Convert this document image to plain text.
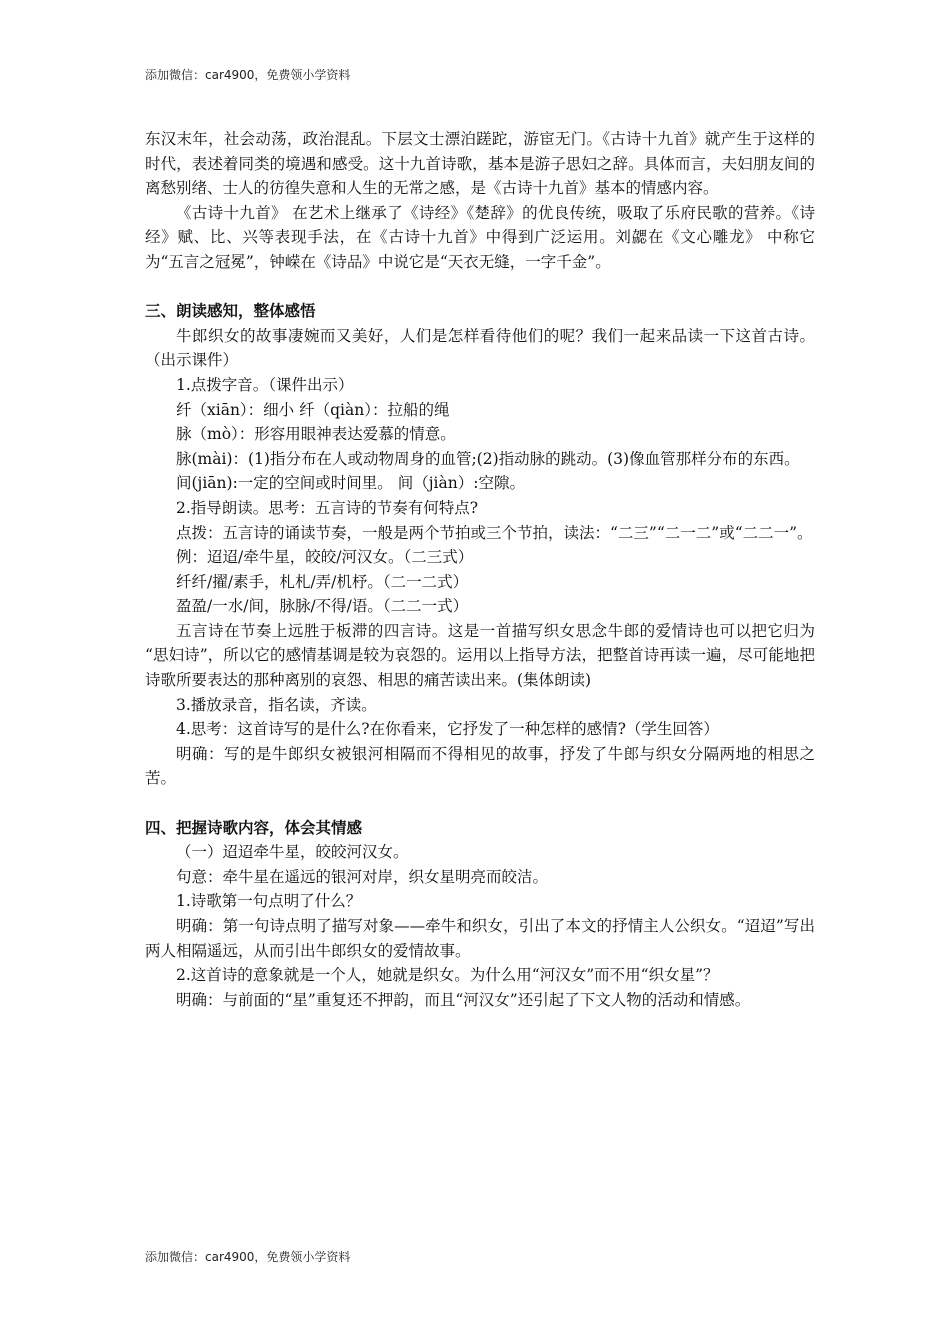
添加微信：car4900，免费领小学资料

东汉末年，社会动荡，政治混乱。下层文士漂泊蹉跎，游宦无门。《古诗十九首》就产生于这样的时代，表述着同类的境遇和感受。这十九首诗歌，基本是游子思妇之辞。具体而言，夫妇朋友间的离愁别绪、士人的彷徨失意和人生的无常之感，是《古诗十九首》基本的情感内容。

《古诗十九首》 在艺术上继承了《诗经》《楚辞》的优良传统，吸取了乐府民歌的营养。《诗经》赋、比、兴等表现手法，在《古诗十九首》中得到广泛运用。刘勰在《文心雕龙》 中称它为“五言之冠冕”，钟嵘在《诗品》中说它是“天衣无缝，一字千金”。

三、朗读感知，整体感悟

牛郎织女的故事凄婉而又美好，人们是怎样看待他们的呢？我们一起来品读一下这首古诗。（出示课件）

1.点拨字音。（课件出示）

纤（xiān）：细小 纤（qiàn）：拉船的绳

脉（mò）：形容用眼神表达爱慕的情意。

脉(mài)：(1)指分布在人或动物周身的血管;(2)指动脉的跳动。(3)像血管那样分布的东西。

间(jiān):一定的空间或时间里。 间（jiàn）:空隙。

2.指导朗读。思考：五言诗的节奏有何特点?

点拨：五言诗的诵读节奏，一般是两个节拍或三个节拍，读法：“二三”“二一二”或“二二一”。

例：迢迢/牵牛星，皎皎/河汉女。（二三式）

纤纤/擢/素手，札札/弄/机杼。（二一二式）

盈盈/一水/间，脉脉/不得/语。（二二一式）

五言诗在节奏上远胜于板滞的四言诗。这是一首描写织女思念牛郎的爱情诗也可以把它归为 “思妇诗”，所以它的感情基调是较为哀怨的。运用以上指导方法，把整首诗再读一遍，尽可能地把诗歌所要表达的那种离别的哀怨、相思的痛苦读出来。(集体朗读)

3.播放录音，指名读，齐读。

4.思考：这首诗写的是什么?在你看来，它抒发了一种怎样的感情?（学生回答）

明确：写的是牛郎织女被银河相隔而不得相见的故事，抒发了牛郎与织女分隔两地的相思之苦。

四、把握诗歌内容，体会其情感

（一）迢迢牵牛星，皎皎河汉女。

句意：牵牛星在遥远的银河对岸，织女星明亮而皎洁。

1.诗歌第一句点明了什么？

明确：第一句诗点明了描写对象——牵牛和织女，引出了本文的抒情主人公织女。“迢迢”写出两人相隔遥远，从而引出牛郎织女的爱情故事。

2.这首诗的意象就是一个人，她就是织女。为什么用“河汉女”而不用“织女星”？

明确：与前面的“星”重复还不押韵，而且“河汉女”还引起了下文人物的活动和情感。

添加微信：car4900，免费领小学资料
